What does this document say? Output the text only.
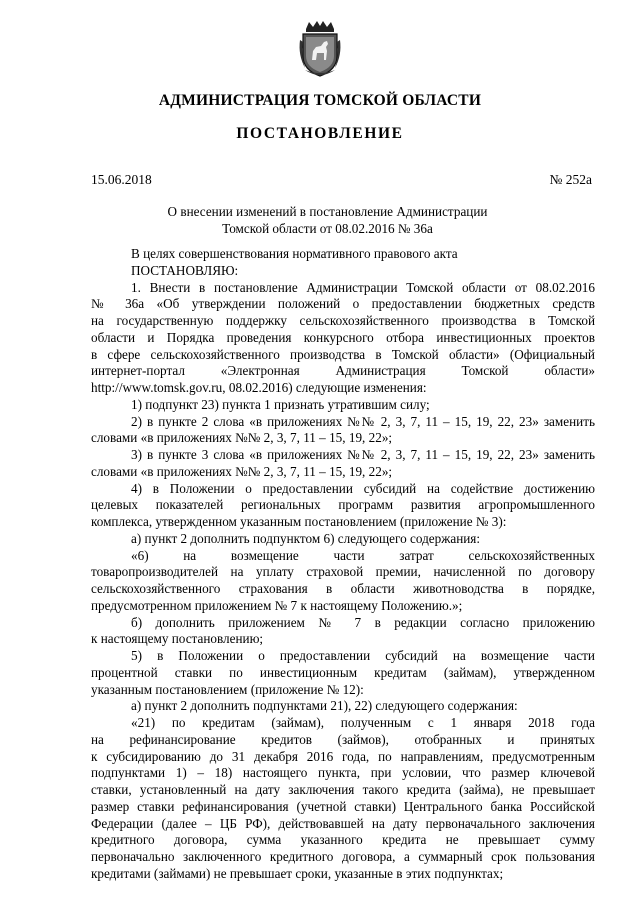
АДМИНИСТРАЦИЯ ТОМСКОЙ ОБЛАСТИ
ПОСТАНОВЛЕНИЕ
15.06.2018	№ 252а
О внесении изменений в постановление Администрации
Томской области от 08.02.2016 № 36а
В целях совершенствования нормативного правового акта
ПОСТАНОВЛЯЮ:
1. Внести в постановление Администрации Томской области от 08.02.2016
№ 36а «Об утверждении положений о предоставлении бюджетных средств
на государственную поддержку сельскохозяйственного производства в Томской
области и Порядка проведения конкурсного отбора инвестиционных проектов
в сфере сельскохозяйственного производства в Томской области» (Официальный
интернет-портал «Электронная Администрация Томской области»
http://www.tomsk.gov.ru, 08.02.2016) следующие изменения:
1) подпункт 23) пункта 1 признать утратившим силу;
2) в пункте 2 слова «в приложениях №№ 2, 3, 7, 11 – 15, 19, 22, 23» заменить
словами «в приложениях №№ 2, 3, 7, 11 – 15, 19, 22»;
3) в пункте 3 слова «в приложениях №№ 2, 3, 7, 11 – 15, 19, 22, 23» заменить
словами «в приложениях №№ 2, 3, 7, 11 – 15, 19, 22»;
4) в Положении о предоставлении субсидий на содействие достижению
целевых показателей региональных программ развития агропромышленного
комплекса, утвержденном указанным постановлением (приложение № 3):
а) пункт 2 дополнить подпунктом 6) следующего содержания:
«6) на возмещение части затрат сельскохозяйственных
товаропроизводителей на уплату страховой премии, начисленной по договору
сельскохозяйственного страхования в области животноводства в порядке,
предусмотренном приложением № 7 к настоящему Положению.»;
б) дополнить приложением № 7 в редакции согласно приложению
к настоящему постановлению;
5) в Положении о предоставлении субсидий на возмещение части
процентной ставки по инвестиционным кредитам (займам), утвержденном
указанным постановлением (приложение № 12):
а) пункт 2 дополнить подпунктами 21), 22) следующего содержания:
«21) по кредитам (займам), полученным с 1 января 2018 года
на рефинансирование кредитов (займов), отобранных и принятых
к субсидированию до 31 декабря 2016 года, по направлениям, предусмотренным
подпунктами 1) – 18) настоящего пункта, при условии, что размер ключевой
ставки, установленный на дату заключения такого кредита (займа), не превышает
размер ставки рефинансирования (учетной ставки) Центрального банка Российской
Федерации (далее – ЦБ РФ), действовавшей на дату первоначального заключения
кредитного договора, сумма указанного кредита не превышает сумму
первоначально заключенного кредитного договора, а суммарный срок пользования
кредитами (займами) не превышает сроки, указанные в этих подпунктах;
